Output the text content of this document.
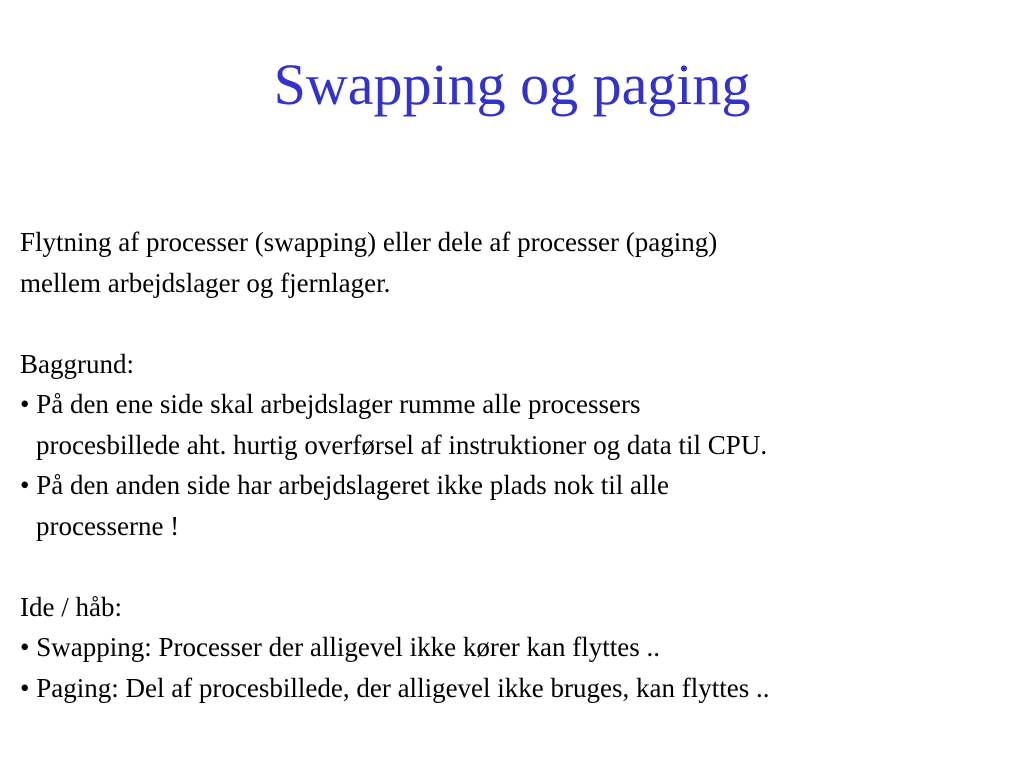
Swapping og paging
Flytning af processer (swapping) eller dele af processer (paging)
mellem arbejdslager og fjernlager.
Baggrund:
• På den ene side skal arbejdslager rumme alle processers
procesbillede aht. hurtig overførsel af instruktioner og data til CPU.
• På den anden side har arbejdslageret ikke plads nok til alle
processerne !
Ide / håb:
• Swapping: Processer der alligevel ikke kører kan flyttes ..
• Paging: Del af procesbillede, der alligevel ikke bruges, kan flyttes ..
